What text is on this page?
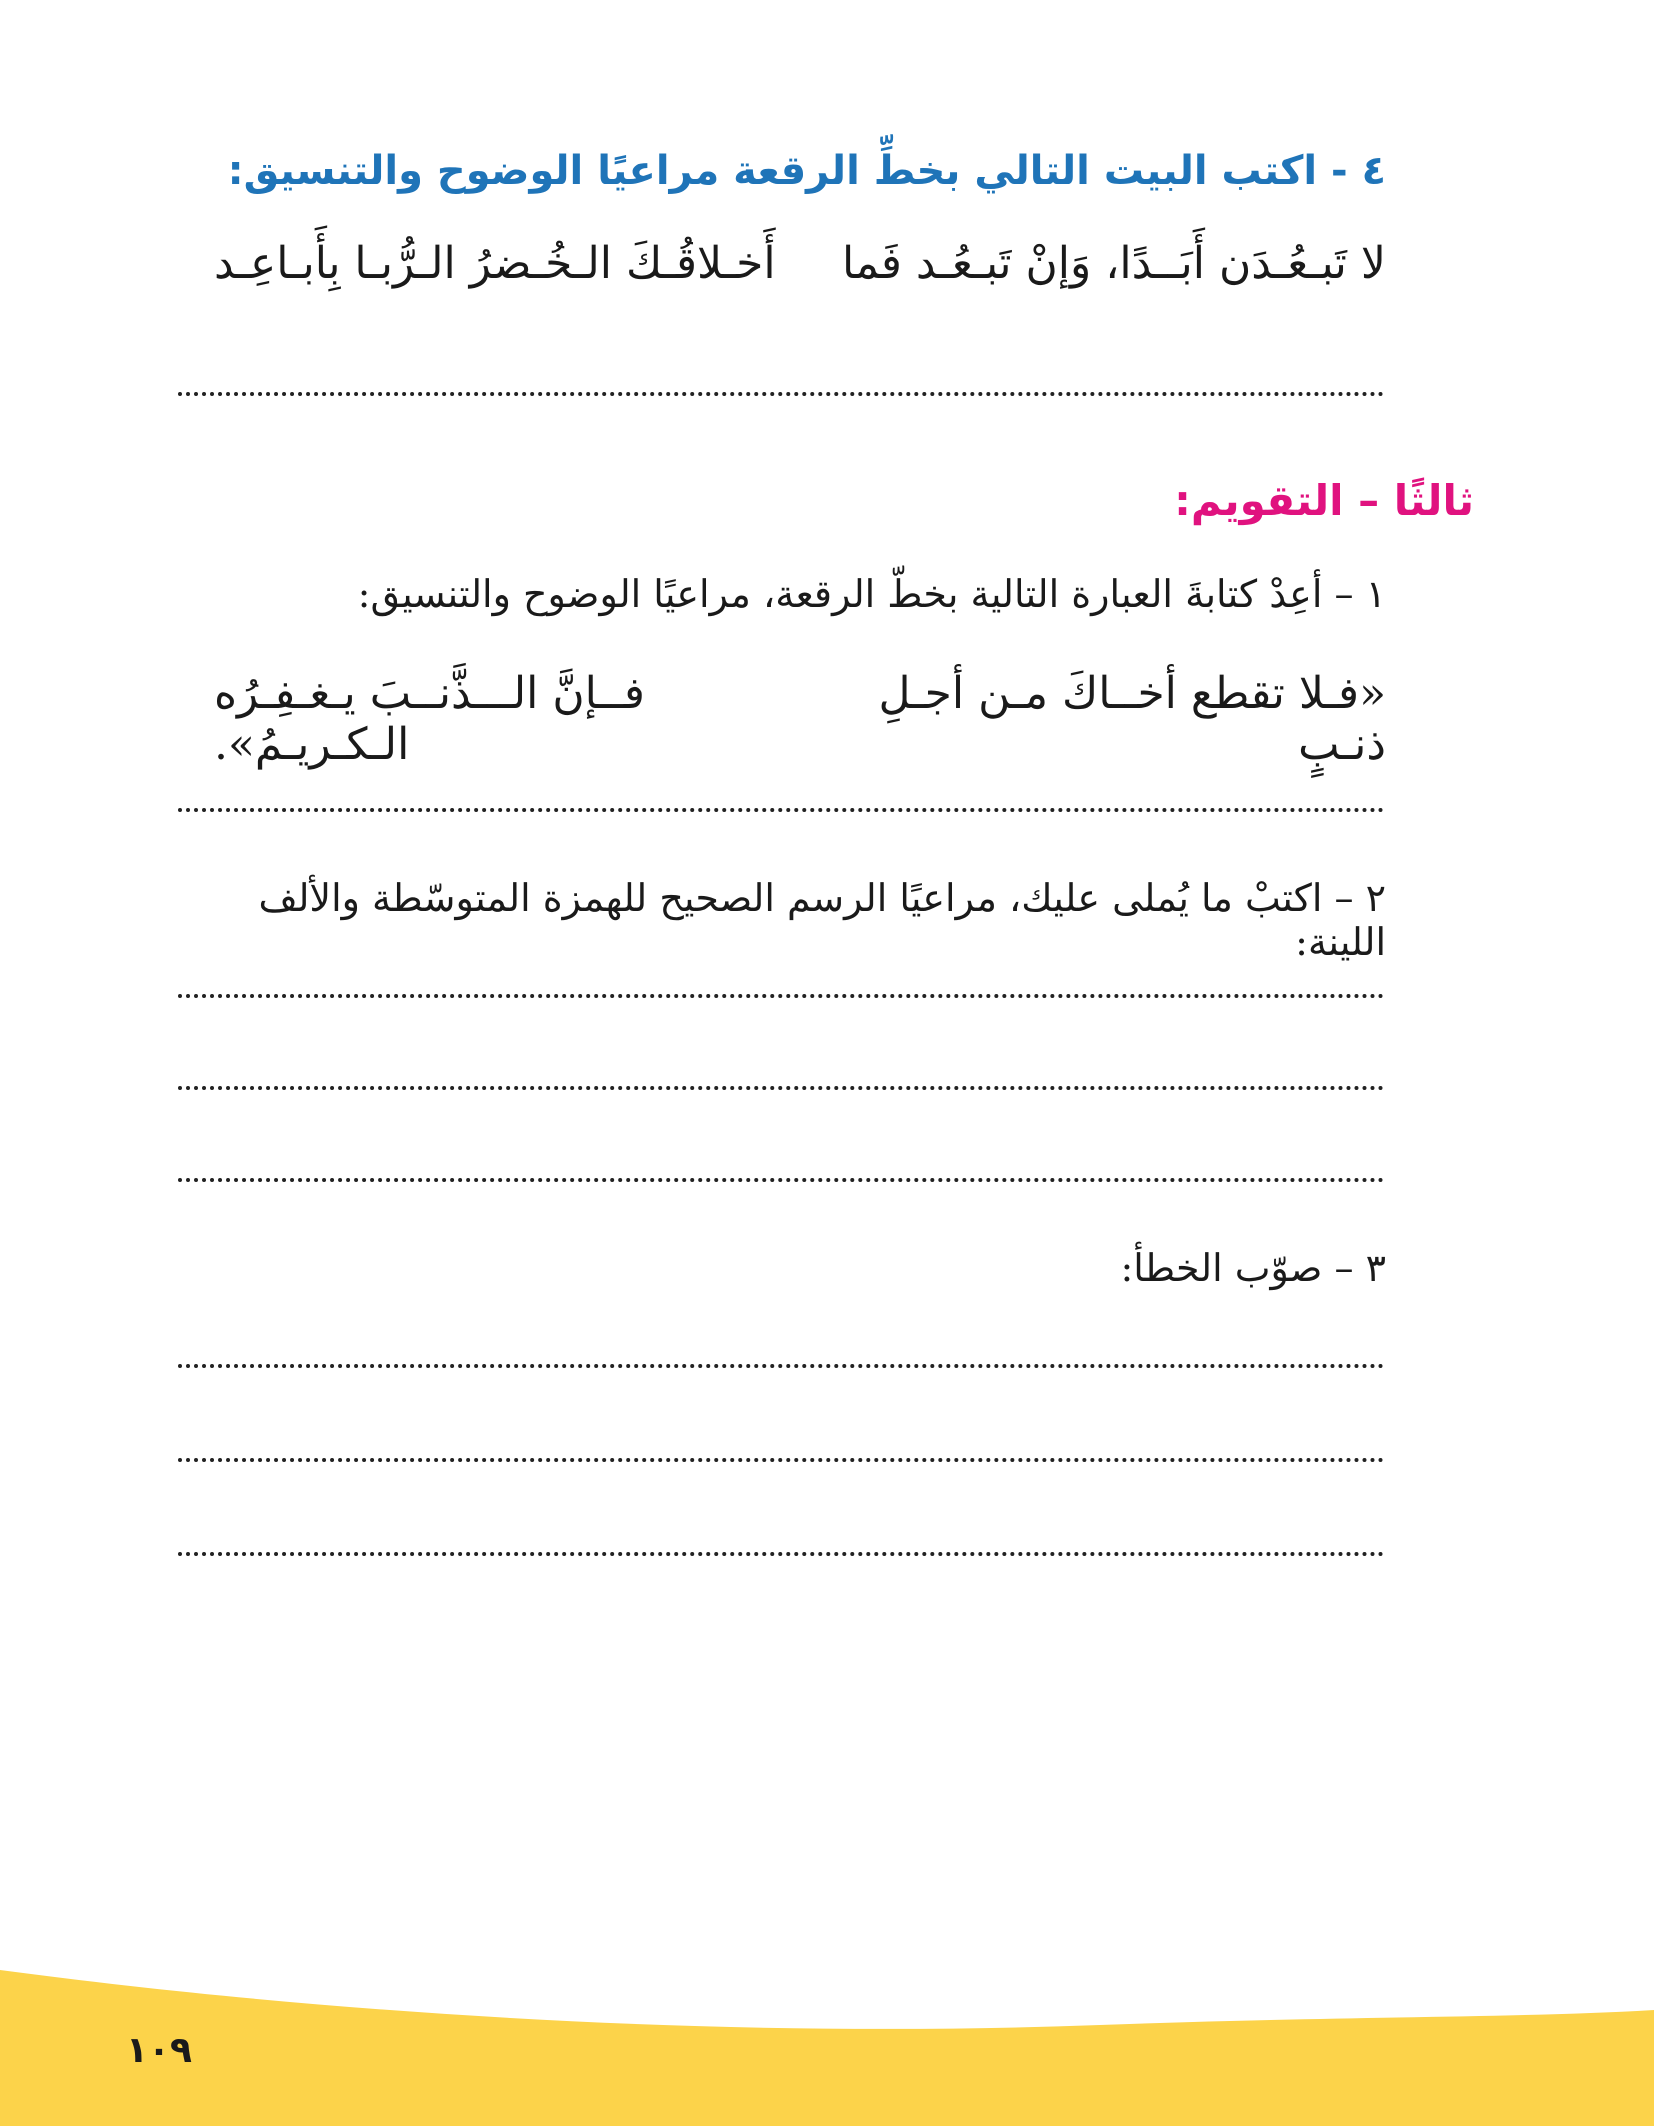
٤ - اكتب البيت التالي بخطِّ الرقعة مراعيًا الوضوح والتنسيق:
لا تَبـعُـدَن أَبَــدًا، وَإنْ تَبـعُـد فَما
أَخـلاقُـكَ الـخُـضرُ الـرُّبـا بِأَبـاعِـد
ثالثًا – التقويم:
١ – أعِدْ كتابةَ العبارة التالية بخطّ الرقعة، مراعيًا الوضوح والتنسيق:
«فـلا تقطع أخــاكَ مـن أجـلِ ذنـبٍ
فــإنَّ الـــذَّنــبَ يـغـفِـرُه الـكـريـمُ».
٢ – اكتبْ ما يُملى عليك، مراعيًا الرسم الصحيح للهمزة المتوسّطة والألف اللينة:
٣ – صوّب الخطأ:
١٠٩
